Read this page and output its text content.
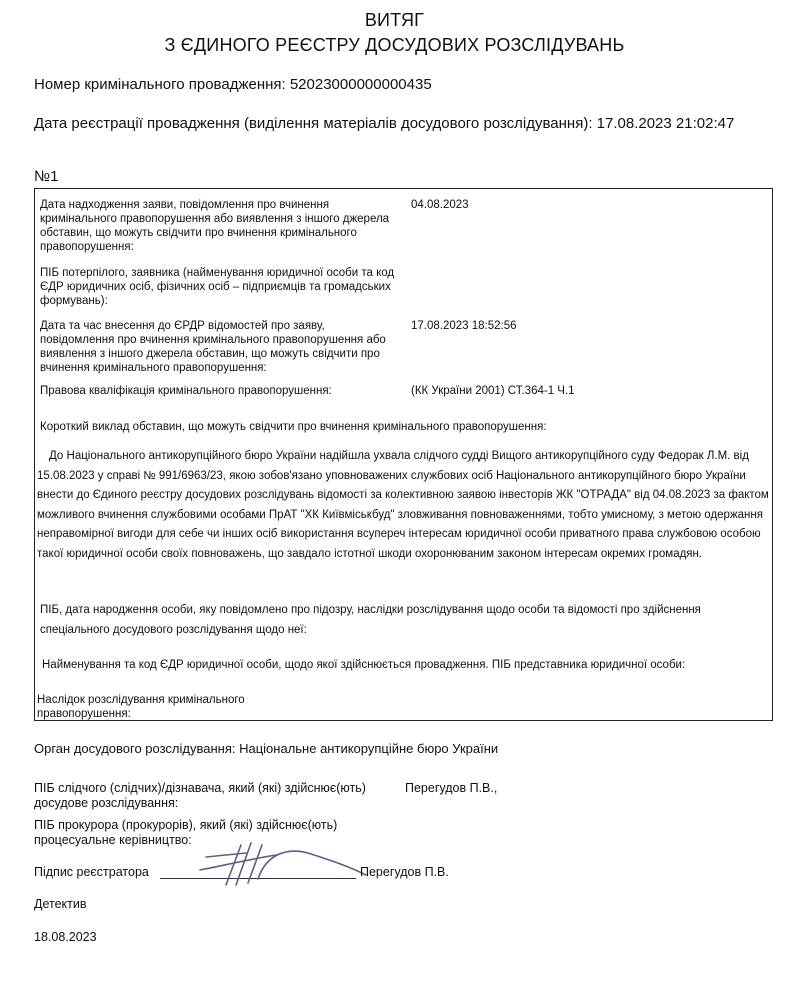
ВИТЯГ
З ЄДИНОГО РЕЄСТРУ ДОСУДОВИХ РОЗСЛІДУВАНЬ
Номер кримінального провадження: 52023000000000435
Дата реєстрації провадження (виділення матеріалів досудового розслідування): 17.08.2023 21:02:47
№1
Дата надходження заяви, повідомлення про вчинення кримінального правопорушення або виявлення з іншого джерела обставин, що можуть свідчити про вчинення кримінального правопорушення:
04.08.2023
ПІБ потерпілого, заявника (найменування юридичної особи та код ЄДР юридичних осіб, фізичних осіб – підприємців та громадських формувань):
Дата та час внесення до ЄРДР відомостей про заяву, повідомлення про вчинення кримінального правопорушення або виявлення з іншого джерела обставин, що можуть свідчити про вчинення кримінального правопорушення:
17.08.2023 18:52:56
Правова кваліфікація кримінального правопорушення:	(КК України 2001) СТ.364-1 Ч.1
Короткий виклад обставин, що можуть свідчити про вчинення кримінального правопорушення:
До Національного антикорупційного бюро України надійшла ухвала слідчого судді Вищого антикорупційного суду Федорак Л.М. від 15.08.2023 у справі № 991/6963/23, якою зобов'язано уповноважених службових осіб Національного антикорупційного бюро України внести до Єдиного реєстру досудових розслідувань відомості за колективною заявою інвесторів ЖК "ОТРАДА" від 04.08.2023 за фактом можливого вчинення службовими особами ПрАТ "ХК Київміськбуд" зловживання повноваженнями, тобто умисному, з метою одержання неправомірної вигоди для себе чи інших осіб використання всупереч інтересам юридичної особи приватного права службовою особою такої юридичної особи своїх повноважень, що завдало істотної шкоди охоронюваним законом інтересам окремих громадян.
ПІБ, дата народження особи, яку повідомлено про підозру, наслідки розслідування щодо особи та відомості про здійснення спеціального досудового розслідування щодо неї:
Найменування та код ЄДР юридичної особи, щодо якої здійснюється провадження. ПІБ представника юридичної особи:
Наслідок розслідування кримінального правопорушення:
Орган досудового розслідування: Національне антикорупційне бюро України
ПІБ слідчого (слідчих)/дізнавача, який (які) здійснює(ють) досудове розслідування:
Перегудов П.В.,
ПІБ прокурора (прокурорів), який (які) здійснює(ють) процесуальне керівництво:
Підпис реєстратора	Перегудов П.В.
Детектив
18.08.2023
